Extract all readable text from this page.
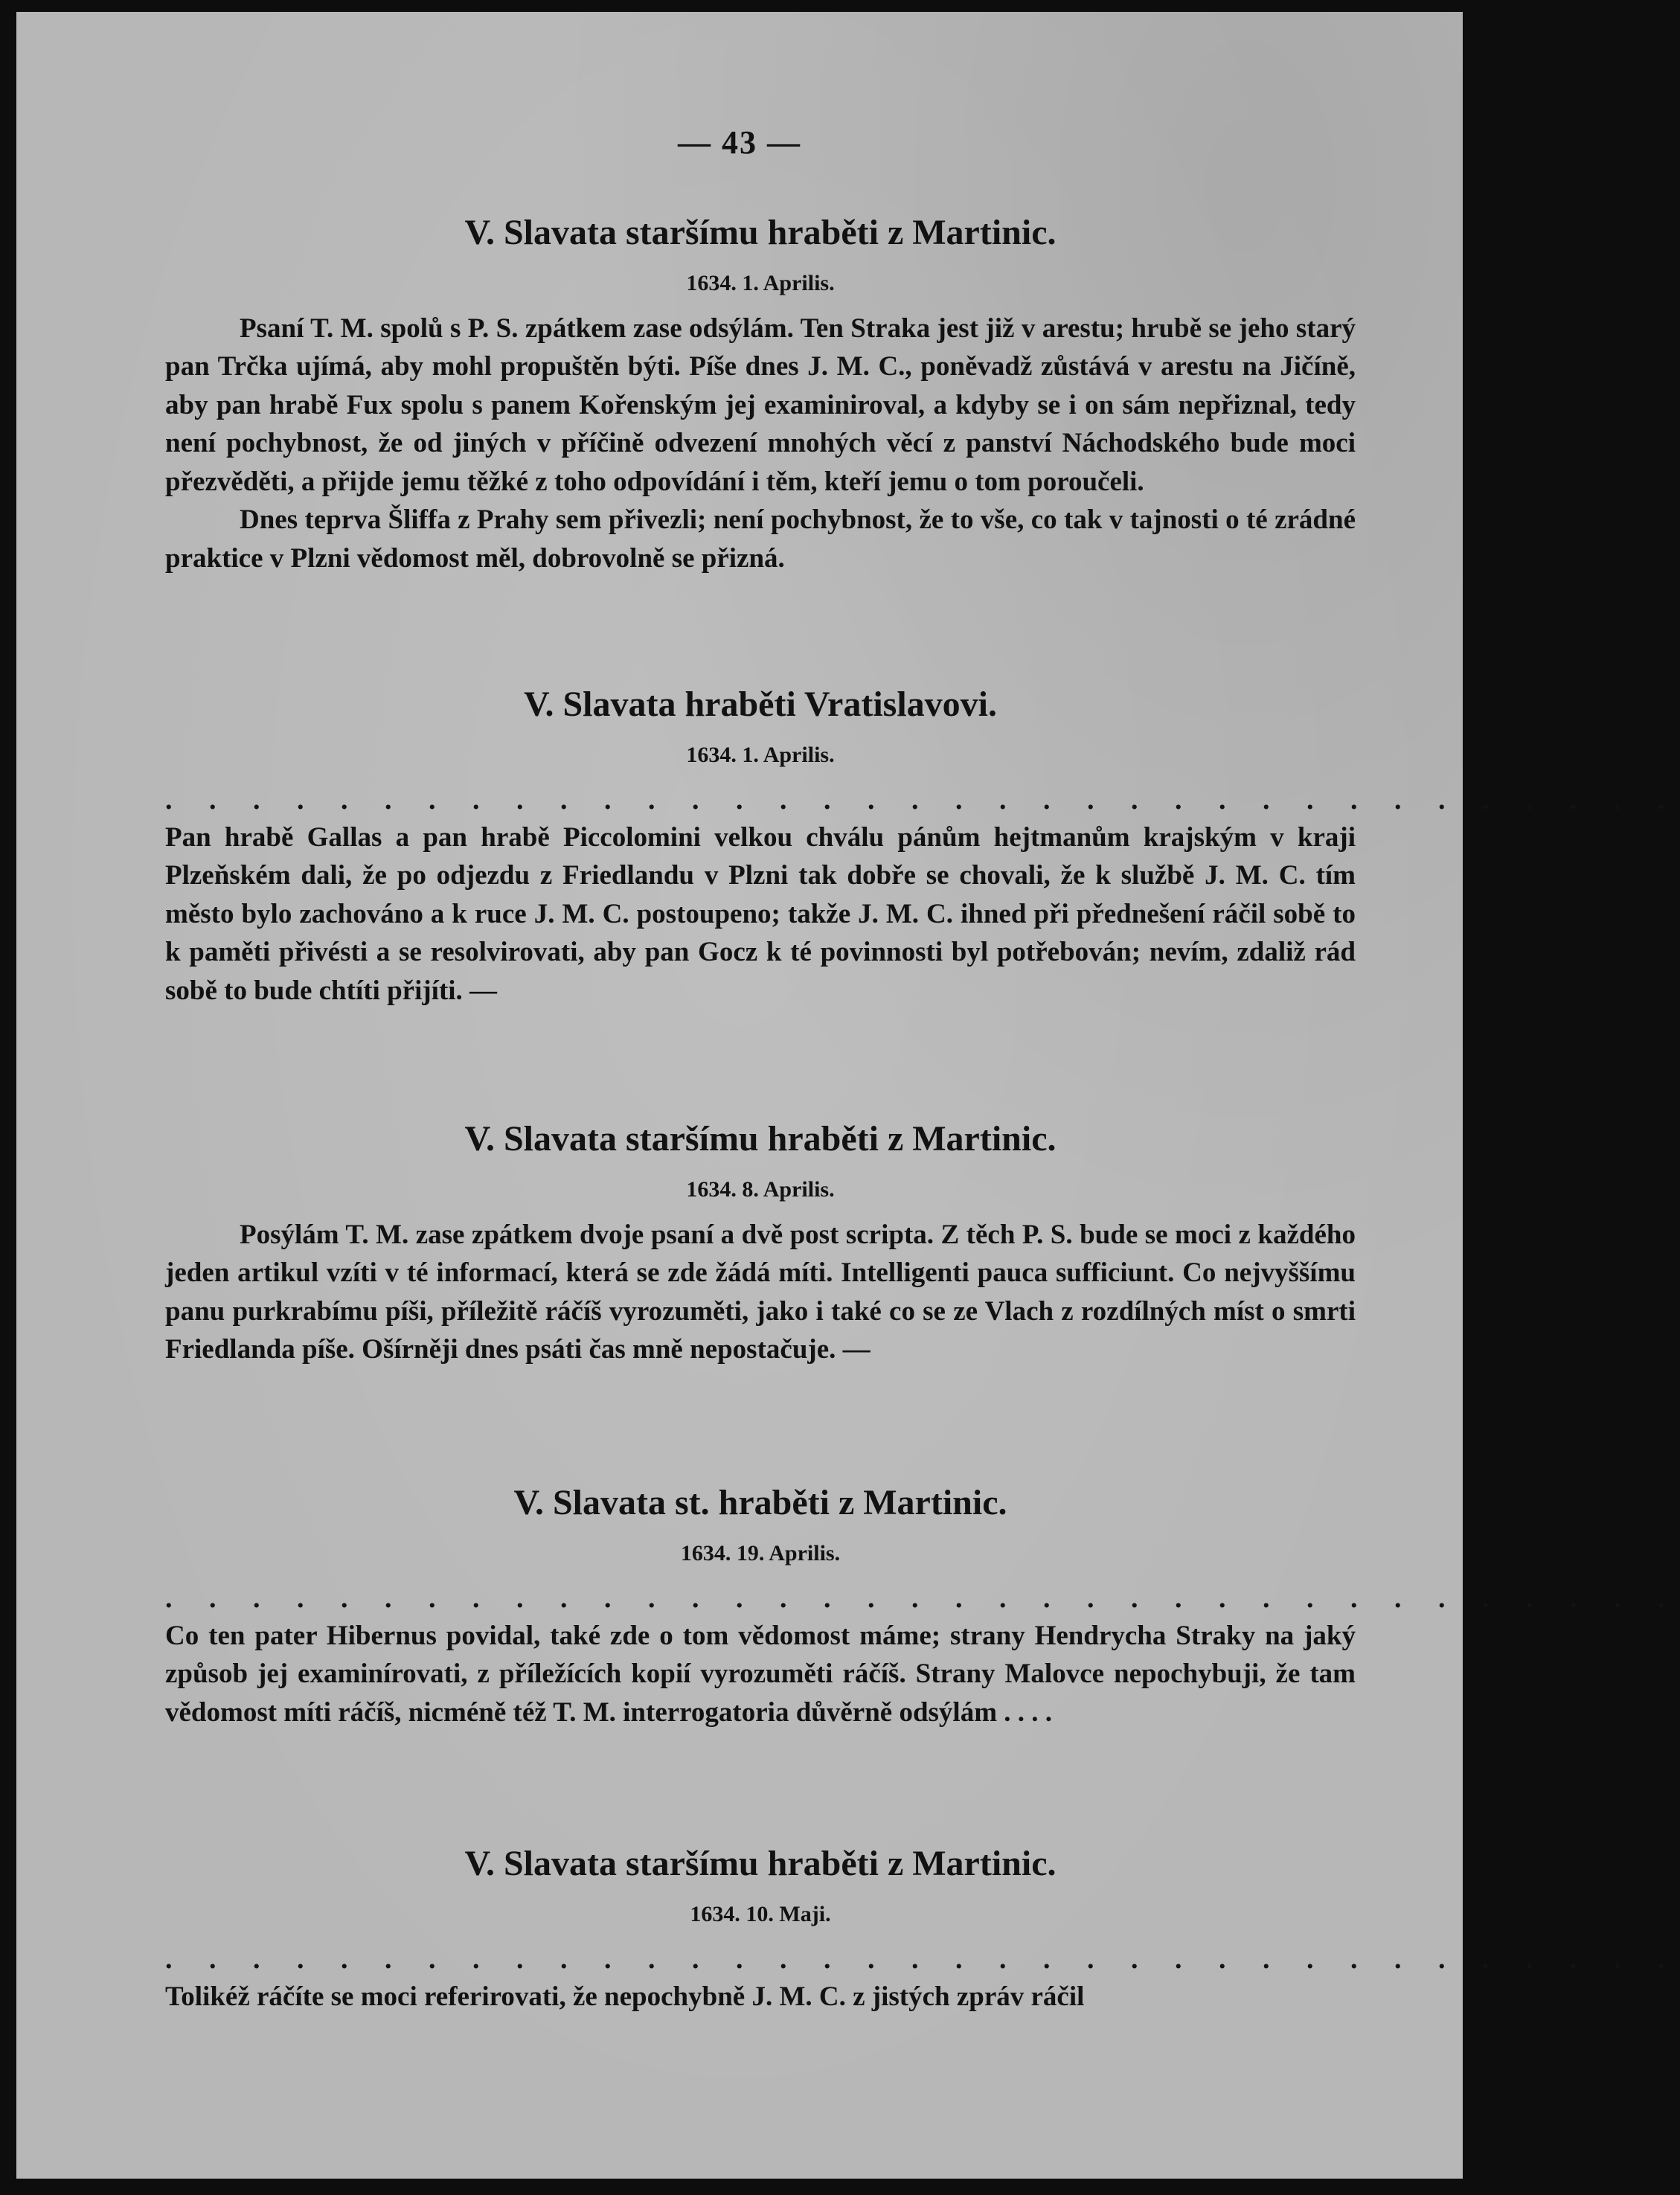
— 43 —
V. Slavata staršímu hraběti z Martinic.
1634. 1. Aprilis.

Psaní T. M. spolů s P. S. zpátkem zase odsýlám. Ten Straka jest již v arestu; hrubě se jeho starý pan Trčka ujímá, aby mohl propuštěn býti. Píše dnes J. M. C., poněvadž zůstává v arestu na Jičíně, aby pan hrabě Fux spolu s panem Kořenským jej examiniroval, a kdyby se i on sám nepřiznal, tedy není pochybnost, že od jiných v příčině odvezení mnohých věcí z panství Náchodského bude moci přezvěděti, a přijde jemu těžké z toho odpovídání i těm, kteří jemu o tom poroučeli.

Dnes teprva Šliffa z Prahy sem přivezli; není pochybnost, že to vše, co tak v tajnosti o té zrádné praktice v Plzni vědomost měl, dobrovolně se přizná.

V. Slavata hraběti Vratislavovi.
1634. 1. Aprilis.
. . . . . . . . . . . . . . . . . . . . . . . . . . . . . . . . . . .

Pan hrabě Gallas a pan hrabě Piccolomini velkou chválu pánům hejtmanům krajským v kraji Plzeňském dali, že po odjezdu z Friedlandu v Plzni tak dobře se chovali, že k službě J. M. C. tím město bylo zachováno a k ruce J. M. C. postoupeno; takže J. M. C. ihned při přednešení ráčil sobě to k paměti přivésti a se resolvirovati, aby pan Gocz k té povinnosti byl potřebován; nevím, zdaliž rád sobě to bude chtíti přijíti. —

V. Slavata staršímu hraběti z Martinic.
1634. 8. Aprilis.

Posýlám T. M. zase zpátkem dvoje psaní a dvě post scripta. Z těch P. S. bude se moci z každého jeden artikul vzíti v té informací, která se zde žádá míti. Intelligenti pauca sufficiunt. Co nejvyššímu panu purkrabímu píši, příležitě ráčíš vyrozuměti, jako i také co se ze Vlach z rozdílných míst o smrti Friedlanda píše. Ošírněji dnes psáti čas mně nepostačuje. —

V. Slavata st. hraběti z Martinic.
1634. 19. Aprilis.
. . . . . . . . . . . . . . . . . . . . . . . . . . . . . . . . . . .

Co ten pater Hibernus povidal, také zde o tom vědomost máme; strany Hendrycha Straky na jaký způsob jej examinírovati, z příležících kopií vyrozuměti ráčíš. Strany Malovce nepochybuji, že tam vědomost míti ráčíš, nicméně též T. M. interrogatoria důvěrně odsýlám . . . .

V. Slavata staršímu hraběti z Martinic.
1634. 10. Maji.
. . . . . . . . . . . . . . . . . . . . . . . . . . . . . . . . . . .

Tolikéž ráčíte se moci referirovati, že nepochybně J. M. C. z jistých zpráv ráčil
